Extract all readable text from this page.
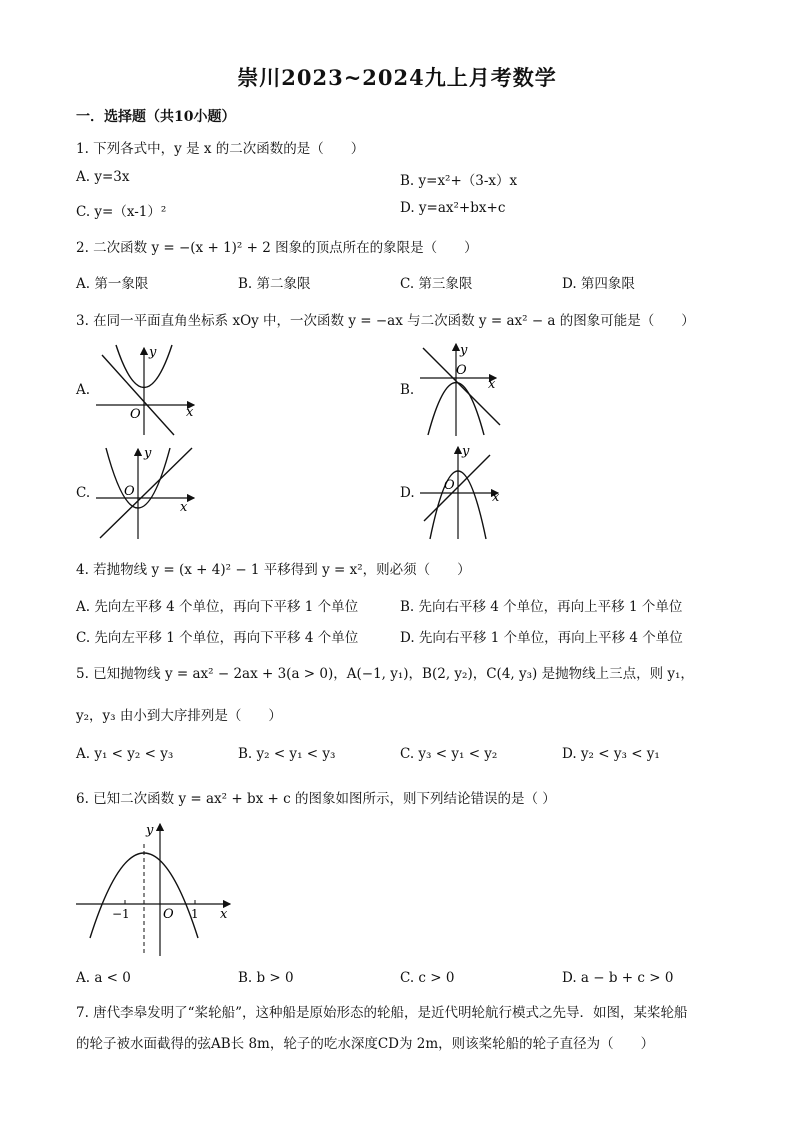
崇川2023~2024九上月考数学
一．选择题（共10小题）
1. 下列各式中，y 是 x 的二次函数的是（　　）
A. y=3x	B. y=x²+（3-x）x
C. y=（x-1）²	D. y=ax²+bx+c
2. 二次函数 y = −(x + 1)² + 2 图象的顶点所在的象限是（　　）
A. 第一象限	B. 第二象限	C. 第三象限	D. 第四象限
3. 在同一平面直角坐标系 xOy 中，一次函数 y = −ax 与二次函数 y = ax² − a 的图象可能是（　　）
A.
x
y
O
B.	x
y
O
C.
x
y
O	D.	x
y
O
4. 若抛物线 y = (x + 4)² − 1 平移得到 y = x²，则必须（　　）
A. 先向左平移 4 个单位，再向下平移 1 个单位	B. 先向右平移 4 个单位，再向上平移 1 个单位
C. 先向左平移 1 个单位，再向下平移 4 个单位	D. 先向右平移 1 个单位，再向上平移 4 个单位
5. 已知抛物线 y = ax² − 2ax + 3(a > 0)，A(−1, y₁)，B(2, y₂)，C(4, y₃) 是抛物线上三点，则 y₁，
y₂，y₃ 由小到大序排列是（　　）
A. y₁ < y₂ < y₃	B. y₂ < y₁ < y₃	C. y₃ < y₁ < y₂	D. y₂ < y₃ < y₁
6. 已知二次函数 y = ax² + bx + c 的图象如图所示，则下列结论错误的是（ ）
−1	1
O	x
y
A. a < 0	B. b > 0	C. c > 0	D. a − b + c > 0
7. 唐代李皋发明了“桨轮船”，这种船是原始形态的轮船，是近代明轮航行模式之先导．如图，某桨轮船
的轮子被水面截得的弦AB长 8m，轮子的吃水深度CD为 2m，则该桨轮船的轮子直径为（　　）
